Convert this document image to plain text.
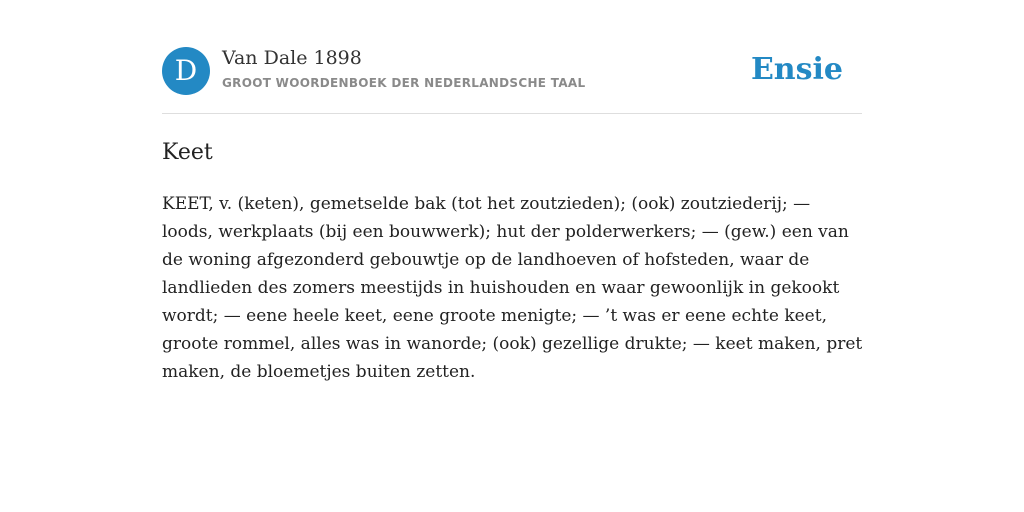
D	Van Dale 1898
GROOT WOORDENBOEK DER NEDERLANDSCHE TAAL	Ensie
Keet
KEET, v. (keten), gemetselde bak (tot het zoutzieden); (ook) zoutziederij; —
loods, werkplaats (bij een bouwwerk); hut der polderwerkers; — (gew.) een van
de woning afgezonderd gebouwtje op de landhoeven of hofsteden, waar de
landlieden des zomers meestijds in huishouden en waar gewoonlijk in gekookt
wordt; — eene heele keet, eene groote menigte; — ’t was er eene echte keet,
groote rommel, alles was in wanorde; (ook) gezellige drukte; — keet maken, pret
maken, de bloemetjes buiten zetten.
